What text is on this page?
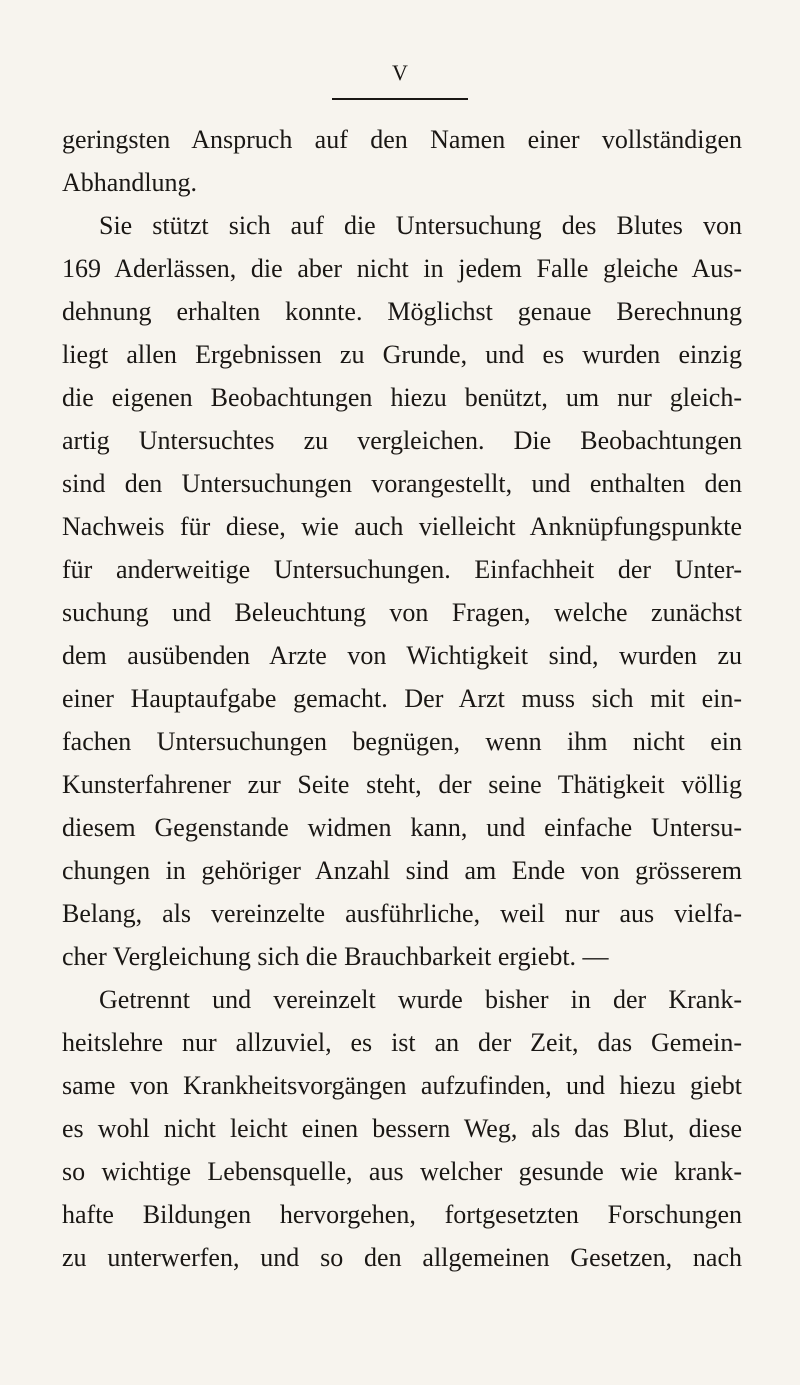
V
geringsten Anspruch auf den Namen einer vollständigen
Abhandlung.
Sie stützt sich auf die Untersuchung des Blutes von
169 Aderlässen, die aber nicht in jedem Falle gleiche Aus-
dehnung erhalten konnte. Möglichst genaue Berechnung
liegt allen Ergebnissen zu Grunde, und es wurden einzig
die eigenen Beobachtungen hiezu benützt, um nur gleich-
artig Untersuchtes zu vergleichen. Die Beobachtungen
sind den Untersuchungen vorangestellt, und enthalten den
Nachweis für diese, wie auch vielleicht Anknüpfungspunkte
für anderweitige Untersuchungen. Einfachheit der Unter-
suchung und Beleuchtung von Fragen, welche zunächst
dem ausübenden Arzte von Wichtigkeit sind, wurden zu
einer Hauptaufgabe gemacht. Der Arzt muss sich mit ein-
fachen Untersuchungen begnügen, wenn ihm nicht ein
Kunsterfahrener zur Seite steht, der seine Thätigkeit völlig
diesem Gegenstande widmen kann, und einfache Untersu-
chungen in gehöriger Anzahl sind am Ende von grösserem
Belang, als vereinzelte ausführliche, weil nur aus vielfa-
cher Vergleichung sich die Brauchbarkeit ergiebt. —
Getrennt und vereinzelt wurde bisher in der Krank-
heitslehre nur allzuviel, es ist an der Zeit, das Gemein-
same von Krankheitsvorgängen aufzufinden, und hiezu giebt
es wohl nicht leicht einen bessern Weg, als das Blut, diese
so wichtige Lebensquelle, aus welcher gesunde wie krank-
hafte Bildungen hervorgehen, fortgesetzten Forschungen
zu unterwerfen, und so den allgemeinen Gesetzen, nach
